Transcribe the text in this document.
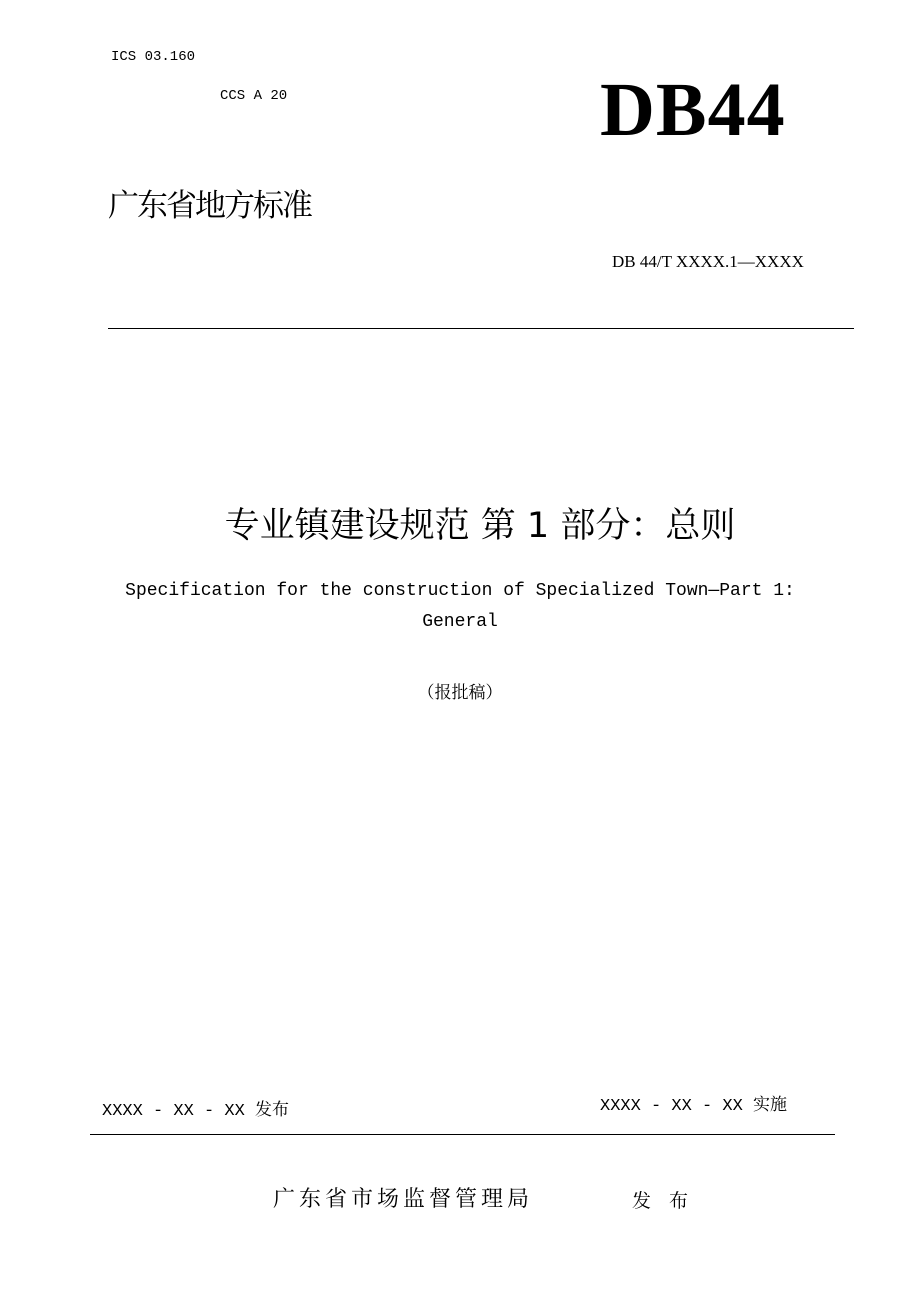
ICS 03.160
CCS A 20	DB44
广东省地方标准
DB 44/T XXXX.1—XXXX
专业镇建设规范 第 1 部分：总则
Specification for the construction of Specialized Town—Part 1:
General
（报批稿）
XXXX - XX - XX 发布	XXXX - XX - XX 实施
广东省市场监督管理局	发 布
